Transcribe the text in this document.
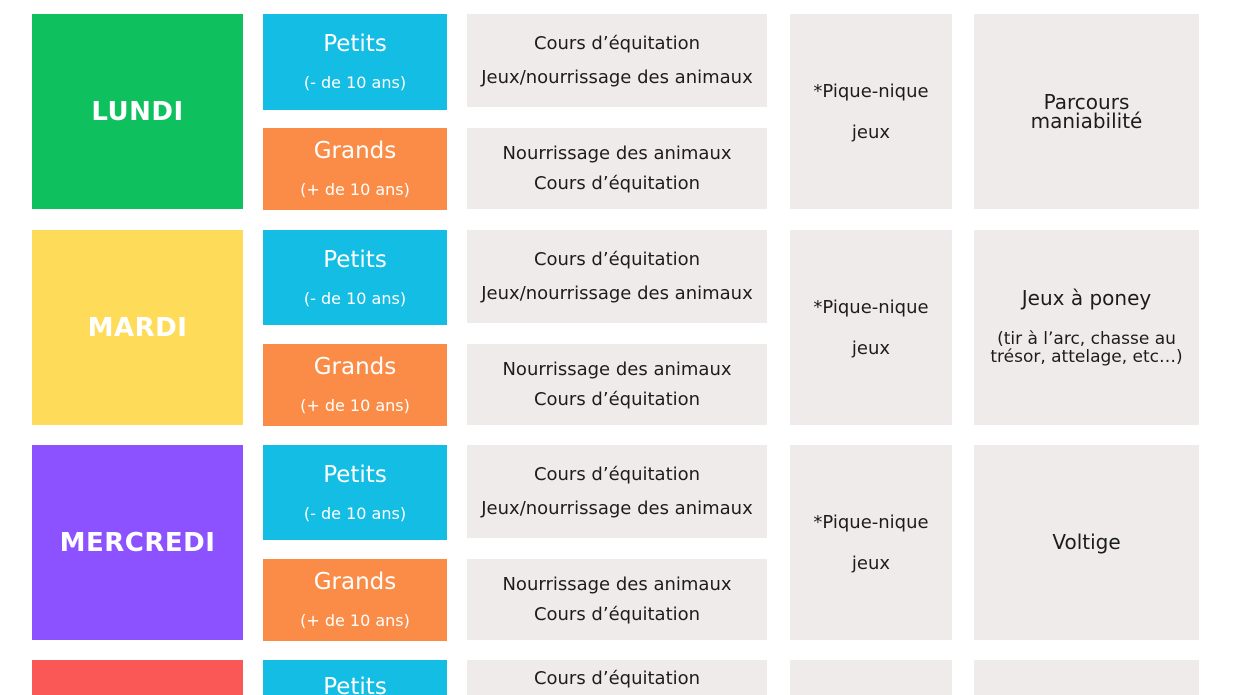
LUNDI
Petits
(- de 10 ans)
Grands
(+ de 10 ans)
Cours d’équitation
Jeux/nourrissage des animaux
Nourrissage des animaux
Cours d’équitation
*Pique-nique
jeux
Parcours maniabilité
MARDI
Petits
(- de 10 ans)
Grands
(+ de 10 ans)
Cours d’équitation
Jeux/nourrissage des animaux
Nourrissage des animaux
Cours d’équitation
*Pique-nique
jeux
Jeux à poney
(tir à l’arc, chasse au trésor, attelage, etc…)
MERCREDI
Petits
(- de 10 ans)
Grands
(+ de 10 ans)
Cours d’équitation
Jeux/nourrissage des animaux
Nourrissage des animaux
Cours d’équitation
*Pique-nique
jeux
Voltige
Petits	Cours d’équitation
